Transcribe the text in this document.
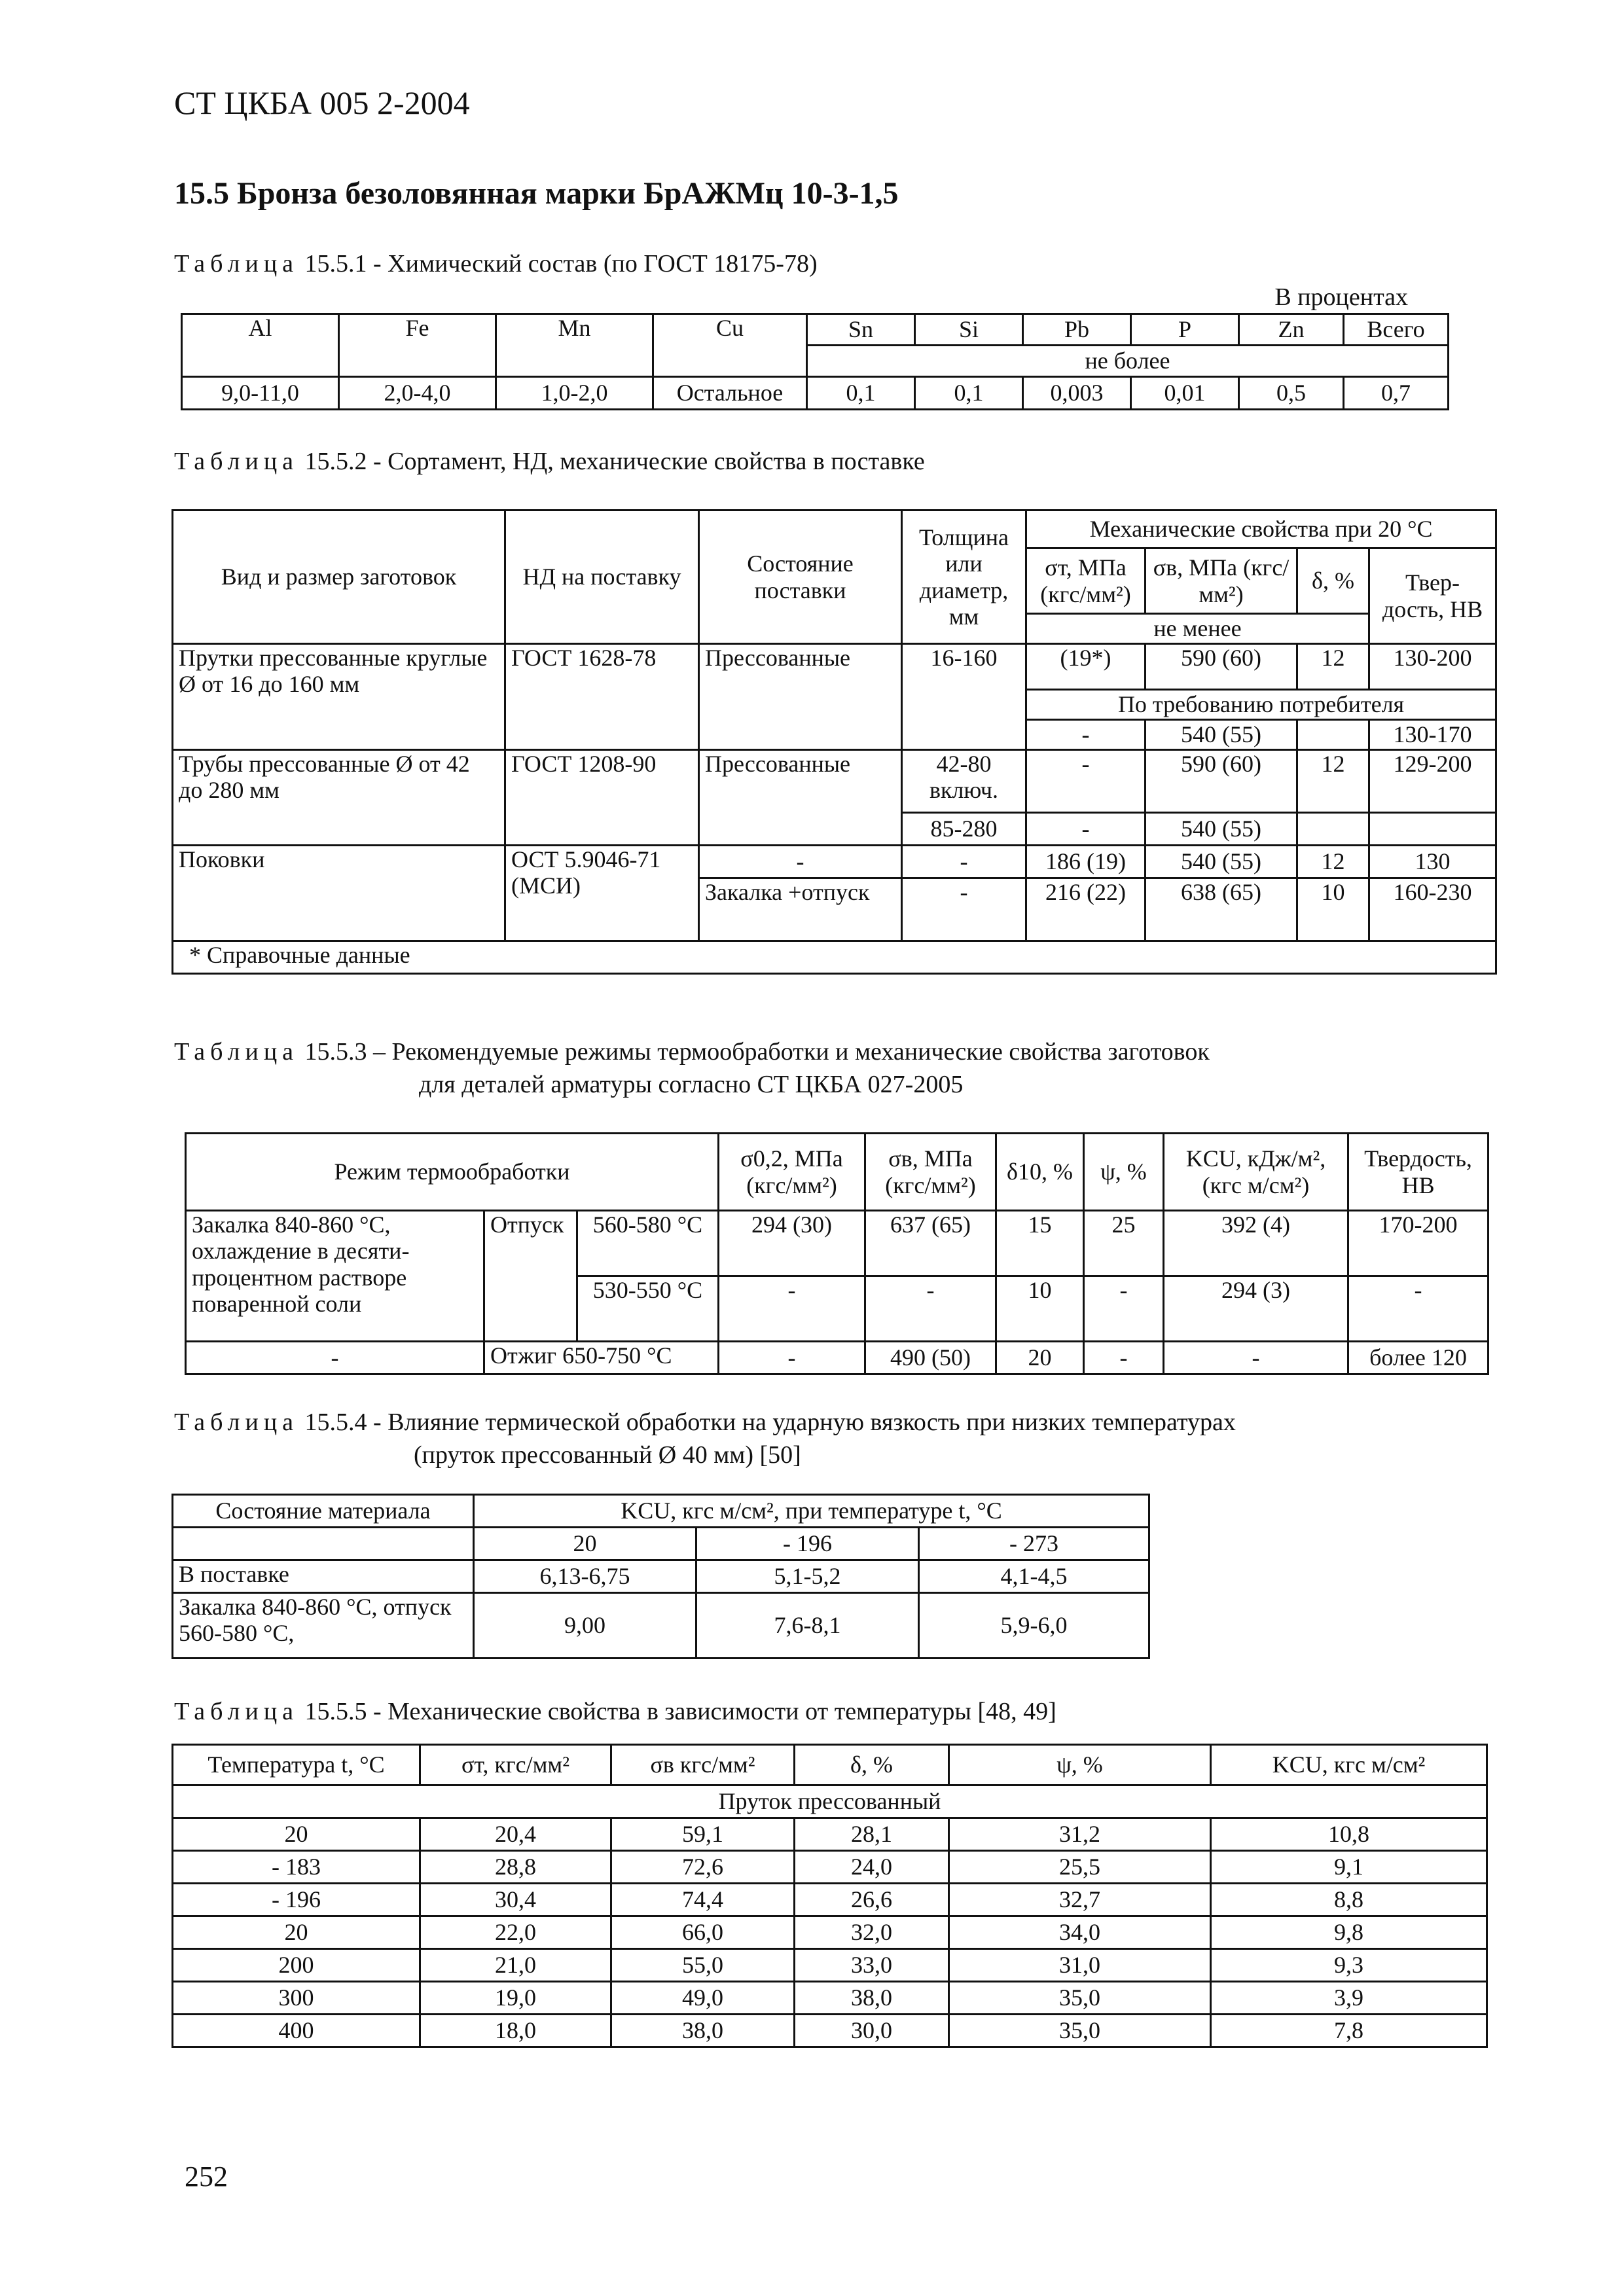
СТ ЦКБА 005 2-2004
15.5 Бронза безоловянная марки БрАЖМц 10-3-1,5
Таблица 15.5.1 - Химический состав (по ГОСТ 18175-78)
В процентах
Al	Fe	Mn	Cu	Sn	Si	Pb	P	Zn	Всего
				не более					
9,0-11,0	2,0-4,0	1,0-2,0	Остальное	0,1	0,1	0,003	0,01	0,5	0,7
Таблица 15.5.2 - Сортамент, НД, механические свойства в поставке
Вид и размер заготовок	НД на поставку	Состояние поставки	Толщина или диаметр, мм	Механические свойства при 20 °С			
				σт, МПа (кгс/мм²)	σв, МПа (кгс/мм²)	δ, %	Твер- дость, НВ
				не менее			
Прутки прессованные круглые Ø от 16 до 160 мм	ГОСТ 1628-78	Прессованные	16-160	(19*)	590 (60)	12	130-200
				По требованию потребителя			
				-	540 (55)		130-170
Трубы прессованные Ø от 42 до 280 мм	ГОСТ 1208-90	Прессованные	42-80 включ.	-	590 (60)	12	129-200
			85-280	-	540 (55)		
Поковки	ОСТ 5.9046-71 (МСИ)	-	-	186 (19)	540 (55)	12	130
		Закалка +отпуск	-	216 (22)	638 (65)	10	160-230
* Справочные данные							
Таблица 15.5.3 – Рекомендуемые режимы термообработки и механические свойства заготовок
для деталей арматуры согласно СТ ЦКБА 027-2005
Режим термообработки			σ0,2, МПа (кгс/мм²)	σв, МПа (кгс/мм²)	δ10, %	ψ, %	KCU, кДж/м², (кгс м/см²)	Твердость, НВ
Закалка 840-860 °С, охлаждение в десяти-процентном растворе поваренной соли	Отпуск	560-580 °С	294 (30)	637 (65)	15	25	392 (4)	170-200
		530-550 °С	-	-	10	-	294 (3)	-
-	Отжиг 650-750 °С		-	490 (50)	20	-	-	более 120
Таблица 15.5.4 - Влияние термической обработки на ударную вязкость при низких температурах
(пруток прессованный Ø 40 мм) [50]
Состояние материала	KCU, кгс м/см², при температуре t, °С		
	20	- 196	- 273
В поставке	6,13-6,75	5,1-5,2	4,1-4,5
Закалка 840-860 °С, отпуск 560-580 °С,	9,00	7,6-8,1	5,9-6,0
Таблица 15.5.5 - Механические свойства в зависимости от температуры [48, 49]
Температура t, °С	σт, кгс/мм²	σв кгс/мм²	δ, %	ψ, %	KCU, кгс м/см²
Пруток прессованный					
20	20,4	59,1	28,1	31,2	10,8
- 183	28,8	72,6	24,0	25,5	9,1
- 196	30,4	74,4	26,6	32,7	8,8
20	22,0	66,0	32,0	34,0	9,8
200	21,0	55,0	33,0	31,0	9,3
300	19,0	49,0	38,0	35,0	3,9
400	18,0	38,0	30,0	35,0	7,8
252
